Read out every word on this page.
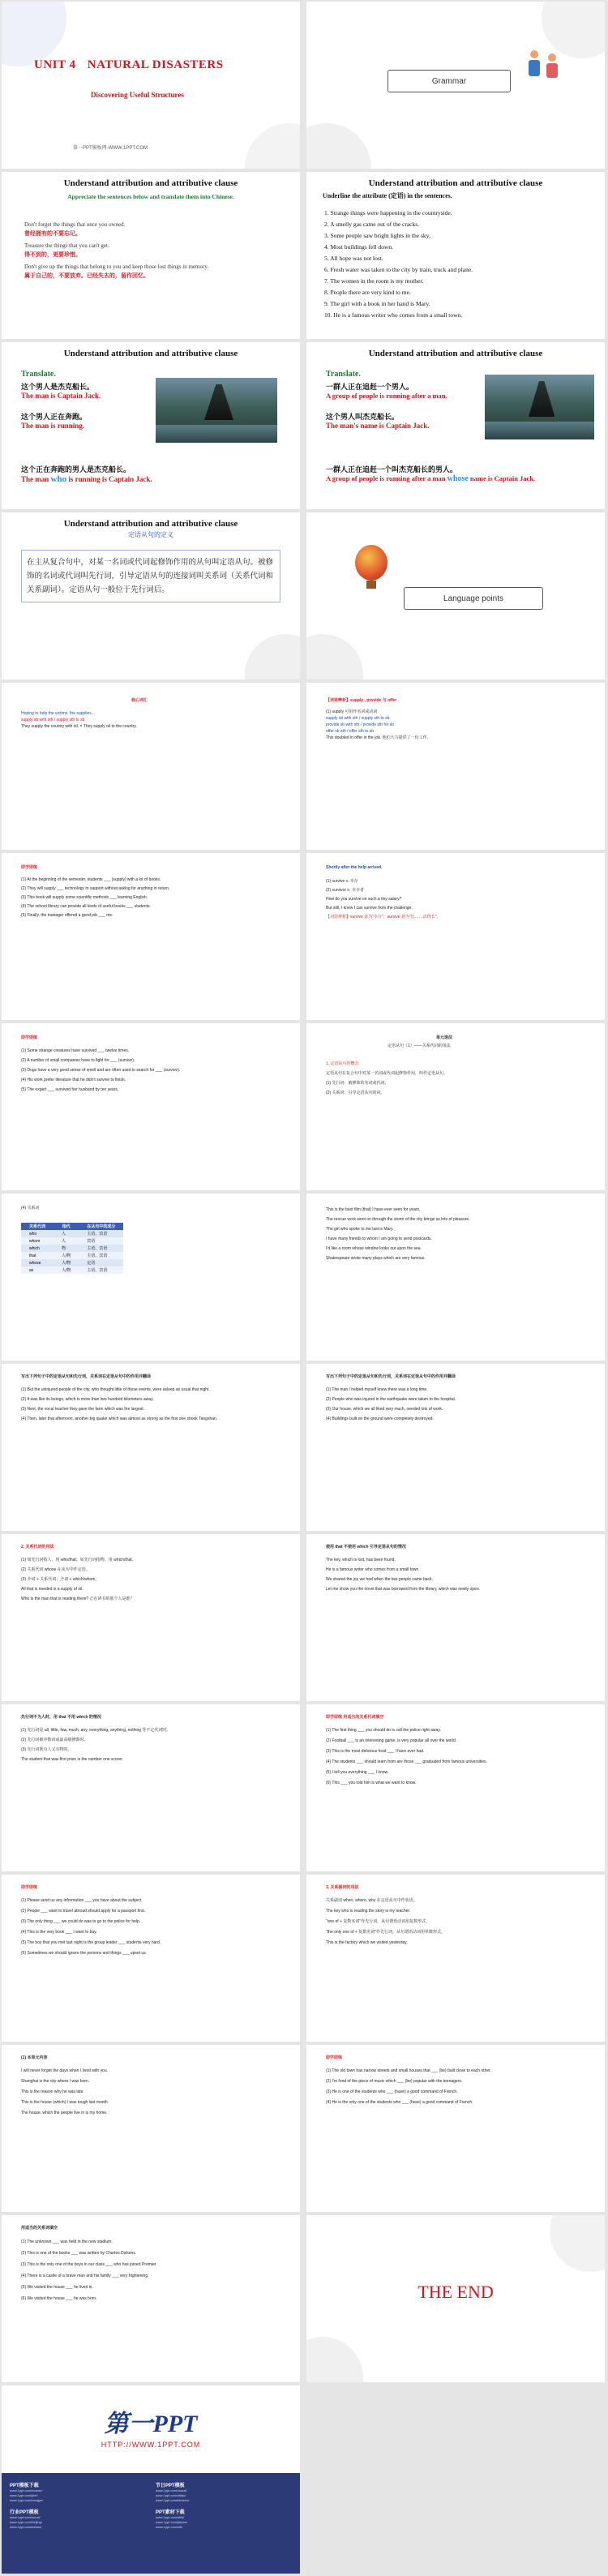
UNIT 4 NATURAL DISASTERS
Discovering Useful Structures
第一PPT模板网-WWW.1PPT.COM
Grammar
Understand attribution and attributive clause
Appreciate the sentences below and translate them into Chinese.
Don't forget the things that once you owned.
曾经拥有的不要忘记。
Treasure the things that you can't get.
得不到的，更要珍惜。
Don't give up the things that belong to you and keep those lost things in memory.
属于自己的，不要放弃。已经失去的，留作回忆。
Understand attribution and attributive clause
Underline the attribute (定语) in the sentences.
1. Strange things were happening in the countryside.
2. A smelly gas came out of the cracks.
3. Some people saw bright lights in the sky.
4. Most buildings fell down.
5. All hope was not lost.
6. Fresh water was taken to the city by train, truck and plane.
7. The women in the room is my mother.
8. People there are very kind to me.
9. The girl with a book in her hand is Mary.
10. He is a famous writer who comes from a small town.
Understand attribution and attributive clause
Translate.
这个男人是杰克船长。
The man is Captain Jack.
这个男人正在奔跑。
The man is running.
这个正在奔跑的男人是杰克船长。
The man who is running is Captain Jack.
Understand attribution and attributive clause
Translate.
一群人正在追赶一个男人。
A group of people is running after a man.
这个男人叫杰克船长。
The man's name is Captain Jack.
一群人正在追赶一个叫杰克船长的男人。
A group of people is running after a man whose name is Captain Jack.
Understand attribution and attributive clause
定语从句的定义
在主从复合句中，对某一名词或代词起修饰作用的从句叫定语从句。被修饰的名词或代词叫先行词，引导定语从句的连接词叫关系词（关系代词和关系副词）。定语从句一般位于先行词后。
Language points
核心词汇
Hoping to help the victims, the supplies...
supply sb with sth / supply sth to sb
They supply the country with oil. = They supply oil to the country.
【词语辨析】supply , provide 与 offer
(1) supply 可用作名词或动词
supply sb with sth / supply sth to sb
provide sb with sth / provide sth for sb
offer sb sth / offer sth to sb
This doubled in offer in the job. 他们大力提供了一份工作。
即学即练
(1) At the beginning of the semester, students ___ (supply) with a lot of books.
(2) They will supply ___ technology to support without asking for anything in return.
(3) This book will supply some scientific methods ___ learning English.
(4) The school library can provide all kinds of useful books ___ students.
(5) Finally, the manager offered a good job ___ me.
Shortly after the help arrived.
(1) survive v. 幸存
(2) survivor n. 幸存者
How do you survive on such a tiny salary?
But still, I knew I can survive from the challenge.
【词语辨析】survive 意为"幸存"；survive 意为"比……活得长"。
即学即练
(1) Some strange creatures have survived ___ twelve times.
(2) A number of small companies have to fight for ___ (survive).
(3) Dogs have a very good sense of smell and are often used to search for ___ (survive).
(4) His work prefer literature that he didn't survive to finish.
(5) The expert ___ survived her husband by ten years.
单元语法
定语从句（1）——关系代词的用法
1. 定语从句的概念
定语从句在复合句中对某一名词或代词起修饰作用，叫作定语从句。
(1) 先行词：被修饰的名词或代词。
(2) 关系词：引导定语从句的词。
(4) 关系词
关系代词	指代	在从句中的成分
who	人	主语、宾语
whom	人	宾语
which	物	主语、宾语
that	人/物	主语、宾语
whose	人/物	定语
as	人/物	主语、宾语
This is the best film (that) I have ever seen for years.
The rescue work went on through the storm of the city brings us lots of pleasure.
The girl who spoke to me last is Mary.
I have many friends to whom I am going to send postcards.
I'd like a room whose window looks out upon the sea.
Shakespeare wrote many plays which are very famous.
写出下列句子中的定语从句和先行词，关系词在定语从句中的作用并翻译
(1) But the uninjured people of the city, who thought little of those events, were asleep as usual that night.
(2) It was like its beings, which is more than two hundred kilometers away.
(3) Next, the vocal teacher they gave the farm which was the largest.
(4) Then, later that afternoon, another big quake which was almost as strong as the first one shook Tangshan.
写出下列句子中的定语从句和先行词，关系词在定语从句中的作用并翻译
(1) The man I helped myself knew there was a long time.
(2) People who was injured in the earthquake were taken to the hospital.
(3) Our house, which we all liked very much, needed lots of work.
(4) Buildings built on the ground were completely destroyed.
2. 关系代词的用法
(1) 如先行词指人，用 who/that；如先行词指物，用 which/that。
(2) 关系代词 whose 在从句中作定语。
(3) 介词 + 关系代词：介词 + which/whom。
All that is needed is a supply of oil.
Who is the man that is reading there? 正在读书的那个人是谁？
使用 that 不使用 which 引导定语从句的情况
The key, which is lost, has been found.
He is a famous writer who comes from a small town.
We shared the joy we had when the two people came back.
Let me show you the novel that was borrowed from the library, which was newly open.
先行词不为人时，用 that 不用 which 的情况
(1) 先行词是 all, little, few, much, any, everything, anything, nothing 等不定代词时。
(2) 先行词被序数词或最高级修饰时。
(3) 先行词既有人又有物时。
The student that was first prize is the number one scorer.
即学即练 用适当的关系代词填空
(1) The first thing ___ you should do is call the police right away.
(2) Football ___ is an interesting game, is very popular all over the world.
(3) This is the most delicious food ___ I have ever had.
(4) The students ___ should learn from are those ___ graduated from famous universities.
(5) I tell you everything ___ I know.
(6) This ___ you told him is what we want to know.
即学即练
(1) Please send us any information ___ you have about the subject.
(2) People ___ want to travel abroad should apply for a passport first.
(3) The only thing ___ we could do was to go to the police for help.
(4) This is the very book ___ I want to buy.
(5) The boy that you met last night is the group leader ___ students very hard.
(6) Sometimes we should ignore the persons and things ___ upset us.
3. 关系副词的用法
关系副词 when, where, why 在定语从句中作状语。
The key who is reading the story is my teacher.
"one of + 复数名词"作先行词，从句谓语动词用复数形式。
"the only one of + 复数名词"作先行词，从句谓语动词用单数形式。
This is the factory which we visited yesterday.
(1) 本单元内容
I will never forget the days when I lived with you.
Shanghai is the city where I was born.
This is the reason why he was late.
This is the house (which) I was tough last month.
The house, which the people live in is my home.
即学即练
(1) The old town has narrow streets and small houses that ___ (be) built close to each other.
(2) I'm fond of the piece of music which ___ (be) popular with the teenagers.
(3) He is one of the students who ___ (have) a good command of French.
(4) He is the only one of the students who ___ (have) a good command of French.
用适当的关系词填空
(1) The unknown ___ was held in the new stadium.
(2) This is one of the books ___ was written by Charles Dickens.
(3) This is the only one of the boys in our class ___ who has joined Premier.
(4) There is a castle of a brave man and his family ___ very frightening.
(5) We visited the house ___ he lived in.
(6) We visited the house ___ he was born.	THE END
第一PPT
HTTP://WWW.1PPT.COM
PPT模板下载
www.1ppt.com/moban/
www.1ppt.com/jieri/
www.1ppt.com/hangye/
行业PPT模板
www.1ppt.com/sucai/
www.1ppt.com/beijing/
www.1ppt.com/tubiao/
节日PPT模板
www.1ppt.com/xiazai/
www.1ppt.com/ziliao/
www.1ppt.com/fanwen/
PPT素材下载
www.1ppt.com/shiti/
www.1ppt.com/jiaoan/
www.1ppt.com/ziti/
